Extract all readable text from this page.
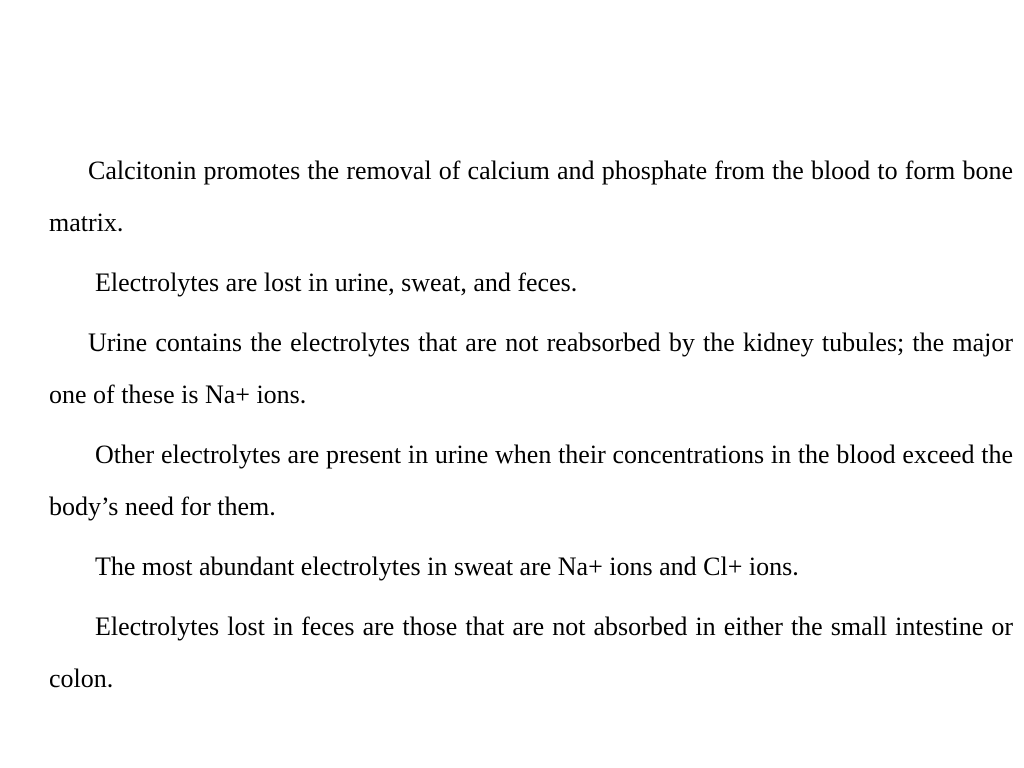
Calcitonin promotes the removal of calcium and phosphate from the blood to form bone matrix.

Electrolytes are lost in urine, sweat, and feces.

Urine contains the electrolytes that are not reabsorbed by the kidney tubules; the major one of these is Na+ ions.

Other electrolytes are present in urine when their concentrations in the blood exceed the body’s need for them.

The most abundant electrolytes in sweat are Na+ ions and Cl+ ions.

Electrolytes lost in feces are those that are not absorbed in either the small intestine or colon.
